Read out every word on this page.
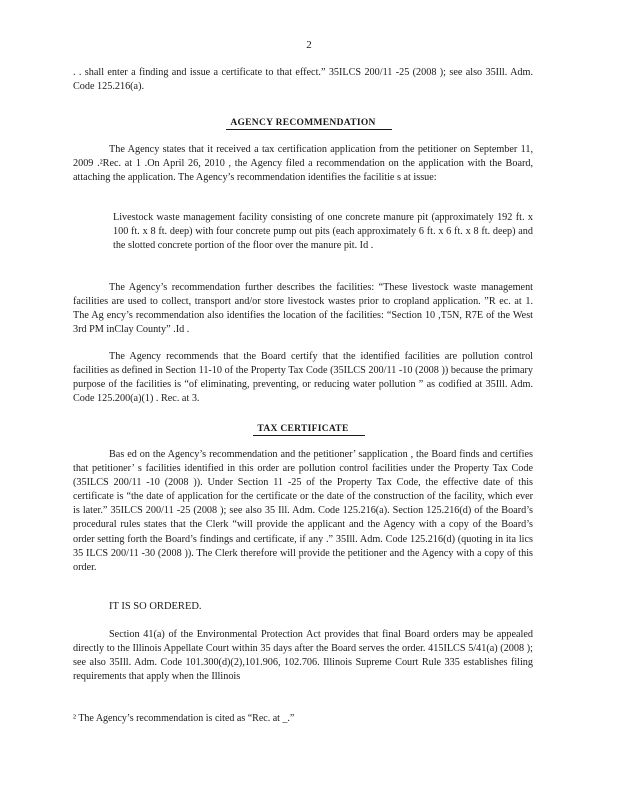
2

. . shall enter a finding and issue a certificate to that effect.” 35ILCS 200/11 -25 (2008 ); see also 35Ill. Adm. Code 125.216(a).

AGENCY RECOMMENDATION

The Agency states that it received a tax certification application from the petitioner on September 11, 2009 .²Rec. at 1 .On April 26, 2010 , the Agency filed a recommendation on the application with the Board, attaching the application. The Agency’s recommendation identifies the facilitie s at issue:

Livestock waste management facility consisting of one concrete manure pit (approximately 192 ft. x 100 ft. x 8 ft. deep) with four concrete pump out pits (each approximately 6 ft. x 6 ft. x 8 ft. deep) and the slotted concrete portion of the floor over the manure pit. Id .

The Agency’s recommendation further describes the facilities: “These livestock waste management facilities are used to collect, transport and/or store livestock wastes prior to cropland application. ”R ec. at 1. The Ag ency’s recommendation also identifies the location of the facilities: “Section 10 ,T5N, R7E of the West 3rd PM inClay County” .Id .

The Agency recommends that the Board certify that the identified facilities are pollution control facilities as defined in Section 11-10 of the Property Tax Code (35ILCS 200/11 -10 (2008 )) because the primary purpose of the facilities is “of eliminating, preventing, or reducing water pollution ” as codified at 35Ill. Adm. Code 125.200(a)(1) . Rec. at 3.

TAX CERTIFICATE

Bas ed on the Agency’s recommendation and the petitioner’ sapplication , the Board finds and certifies that petitioner’ s facilities identified in this order are pollution control facilities under the Property Tax Code (35ILCS 200/11 -10 (2008 )). Under Section 11 -25 of the Property Tax Code, the effective date of this certificate is “the date of application for the certificate or the date of the construction of the facility, which ever is later.” 35ILCS 200/11 -25 (2008 ); see also 35 Ill. Adm. Code 125.216(a). Section 125.216(d) of the Board’s procedural rules states that the Clerk “will provide the applicant and the Agency with a copy of the Board’s order setting forth the Board’s findings and certificate, if any .” 35Ill. Adm. Code 125.216(d) (quoting in ita lics 35 ILCS 200/11 -30 (2008 )). The Clerk therefore will provide the petitioner and the Agency with a copy of this order.

IT IS SO ORDERED.

Section 41(a) of the Environmental Protection Act provides that final Board orders may be appealed directly to the Illinois Appellate Court within 35 days after the Board serves the order. 415ILCS 5/41(a) (2008 ); see also 35Ill. Adm. Code 101.300(d)(2),101.906, 102.706. Illinois Supreme Court Rule 335 establishes filing requirements that apply when the Illinois

² The Agency’s recommendation is cited as “Rec. at _.”
